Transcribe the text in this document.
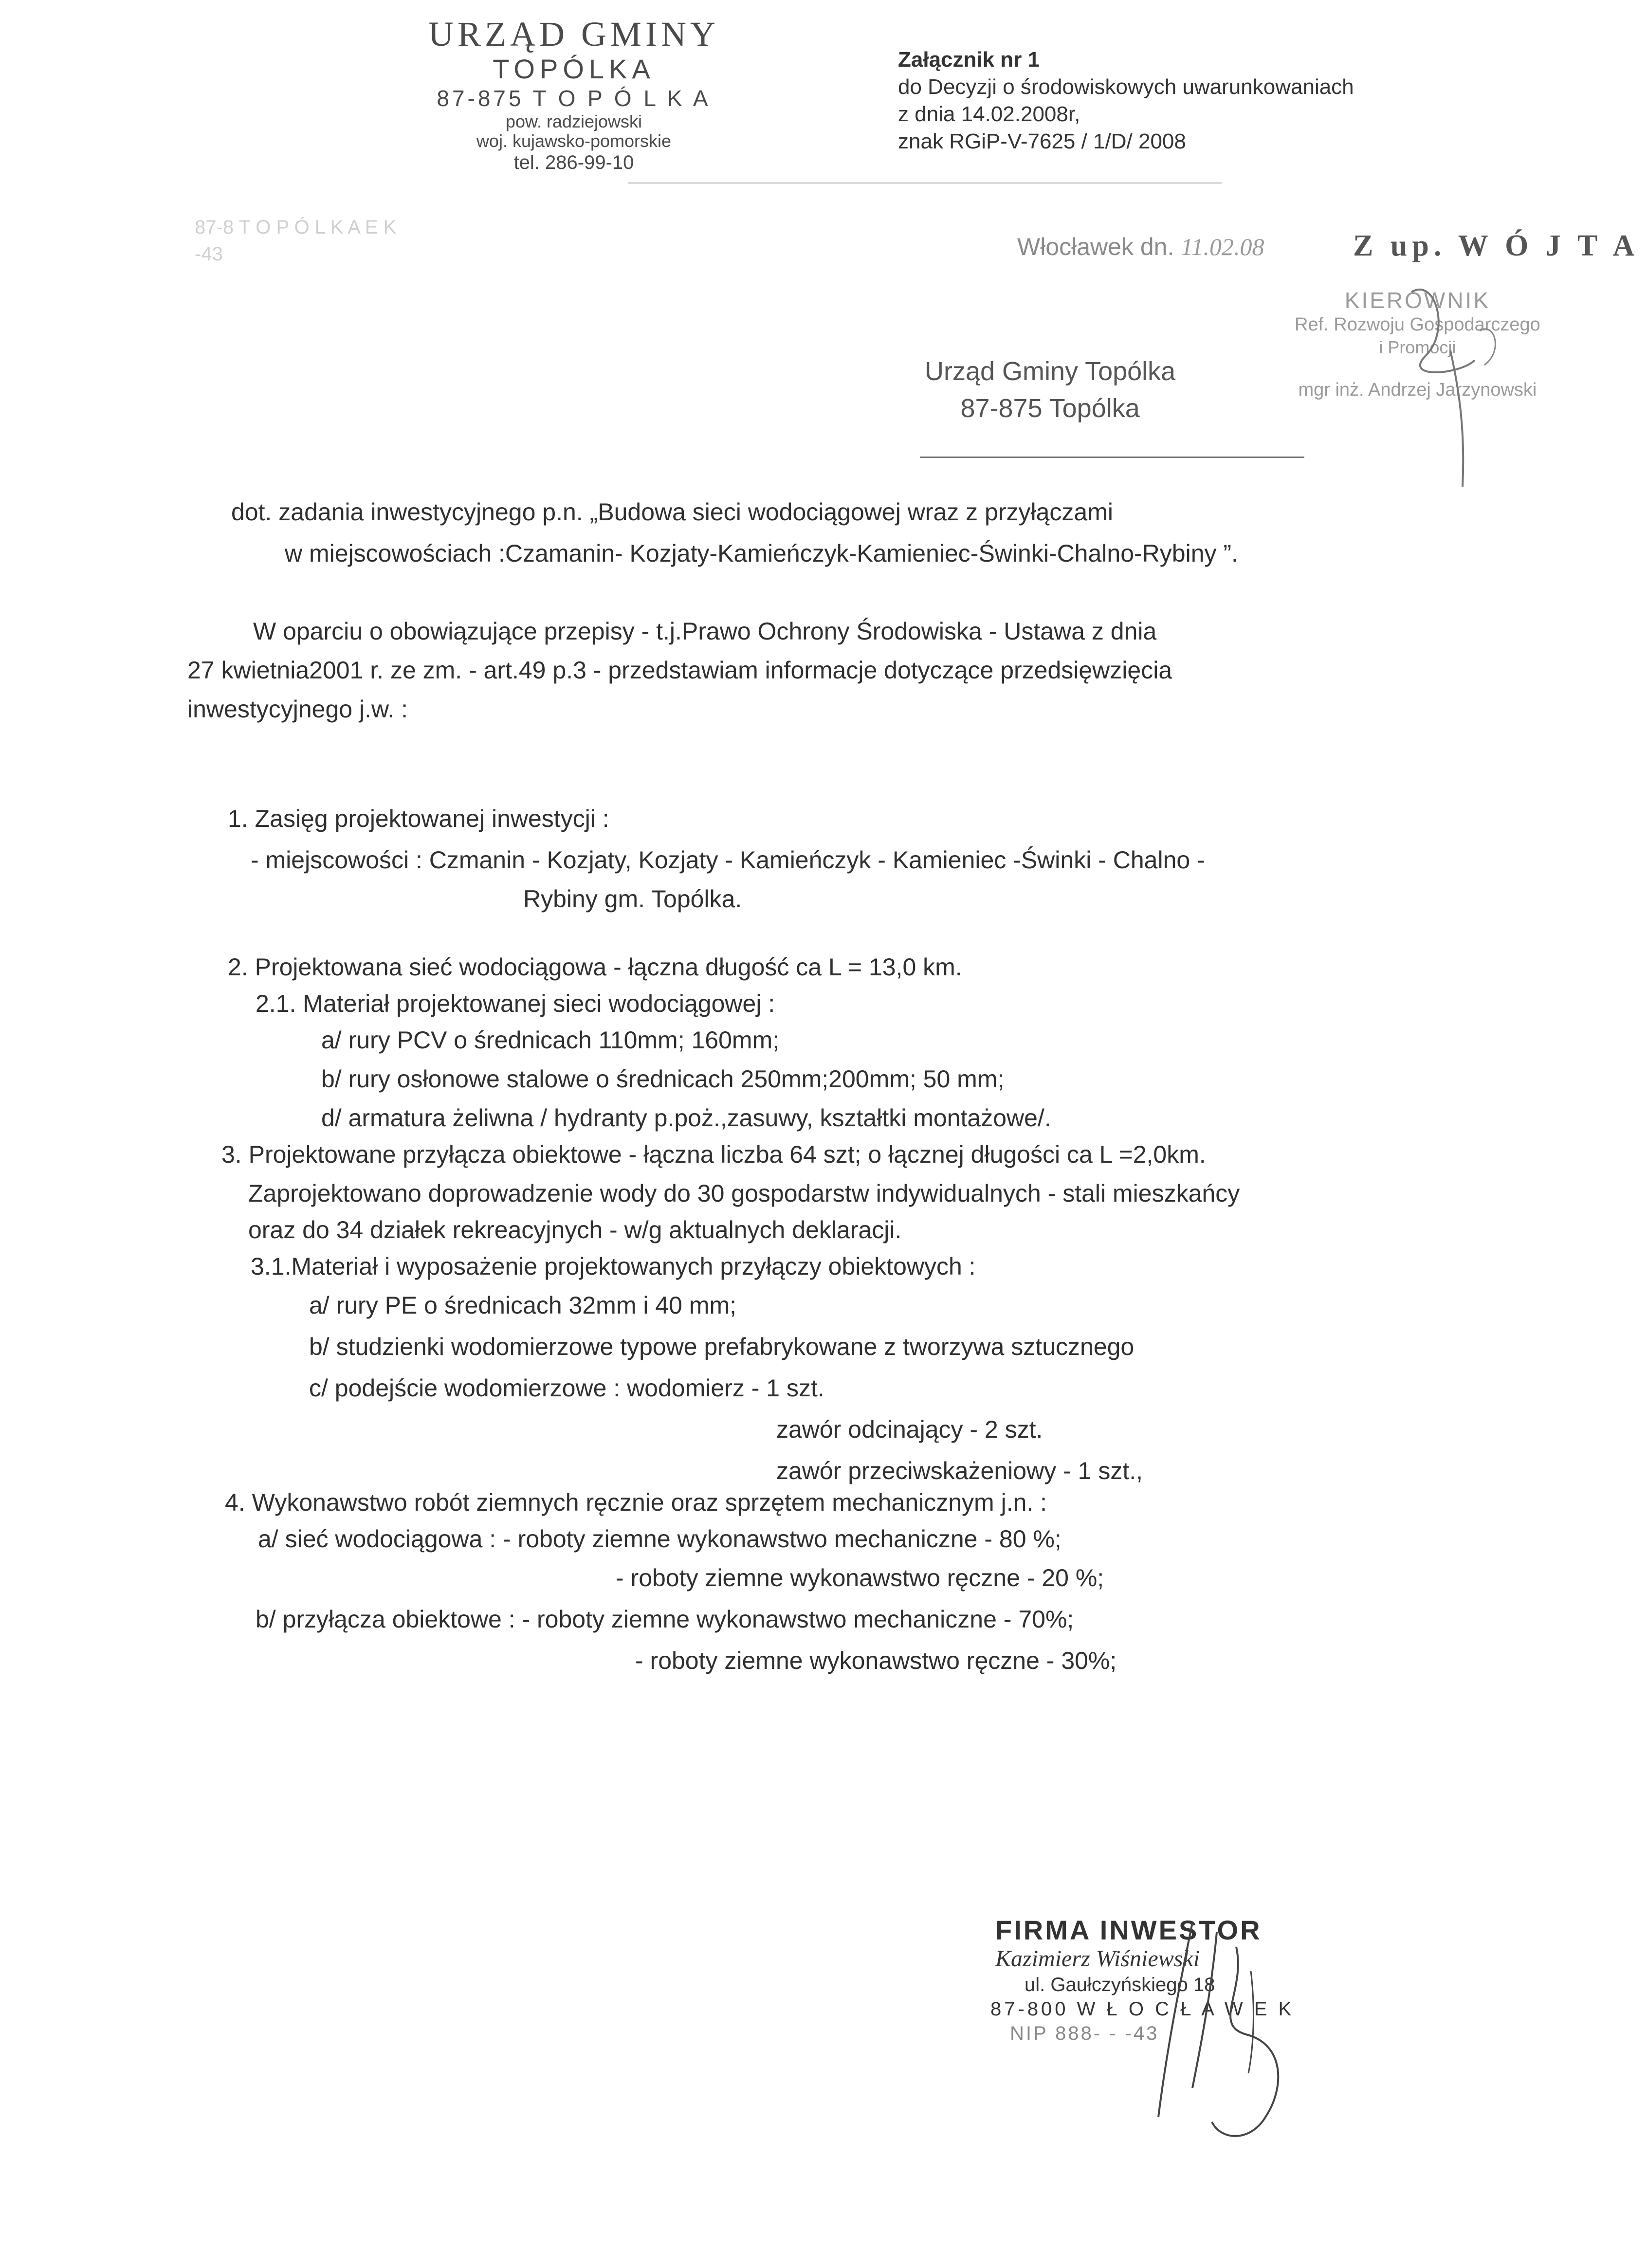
URZĄD GMINY
TOPÓLKA
87-875 T O P Ó L K A
pow. radziejowski
woj. kujawsko-pomorskie
tel. 286-99-10
87-8 T O P Ó L K A E K
-43
Załącznik nr 1
do Decyzji o środowiskowych uwarunkowaniach
z dnia 14.02.2008r,
znak RGiP-V-7625 / 1/D/ 2008
Włocławek dn. 11.02.08	Z up. W Ó J T A
KIEROWNIK
Ref. Rozwoju Gospodarczego
i Promocji
mgr inż. Andrzej Jarzynowski
Urząd Gminy Topólka
87-875 Topólka
dot. zadania inwestycyjnego p.n. „Budowa sieci wodociągowej wraz z przyłączami
w miejscowościach :Czamanin- Kozjaty-Kamieńczyk-Kamieniec-Świnki-Chalno-Rybiny ”.
W oparciu o obowiązujące przepisy - t.j.Prawo Ochrony Środowiska - Ustawa z dnia
27 kwietnia2001 r. ze zm. - art.49 p.3 - przedstawiam informacje dotyczące przedsięwzięcia
inwestycyjnego j.w. :
1. Zasięg projektowanej inwestycji :
- miejscowości : Czmanin - Kozjaty, Kozjaty - Kamieńczyk - Kamieniec -Świnki - Chalno -
Rybiny gm. Topólka.
2. Projektowana sieć wodociągowa - łączna długość ca L = 13,0 km.
2.1. Materiał projektowanej sieci wodociągowej :
a/ rury PCV o średnicach 110mm; 160mm;
b/ rury osłonowe stalowe o średnicach 250mm;200mm; 50 mm;
d/ armatura żeliwna / hydranty p.poż.,zasuwy, kształtki montażowe/.
3. Projektowane przyłącza obiektowe - łączna liczba 64 szt; o łącznej długości ca L =2,0km.
Zaprojektowano doprowadzenie wody do 30 gospodarstw indywidualnych - stali mieszkańcy
oraz do 34 działek rekreacyjnych - w/g aktualnych deklaracji.
3.1.Materiał i wyposażenie projektowanych przyłączy obiektowych :
a/ rury PE o średnicach 32mm i 40 mm;
b/ studzienki wodomierzowe typowe prefabrykowane z tworzywa sztucznego
c/ podejście wodomierzowe : wodomierz - 1 szt.
zawór odcinający - 2 szt.
zawór przeciwskażeniowy - 1 szt.,
4. Wykonawstwo robót ziemnych ręcznie oraz sprzętem mechanicznym j.n. :
a/ sieć wodociągowa : - roboty ziemne wykonawstwo mechaniczne - 80 %;
- roboty ziemne wykonawstwo ręczne - 20 %;
b/ przyłącza obiektowe : - roboty ziemne wykonawstwo mechaniczne - 70%;
- roboty ziemne wykonawstwo ręczne - 30%;
FIRMA INWESTOR
Kazimierz Wiśniewski
ul. Gaułczyńskiego 18
87-800 W Ł O C Ł A W E K
NIP 888- - -43
